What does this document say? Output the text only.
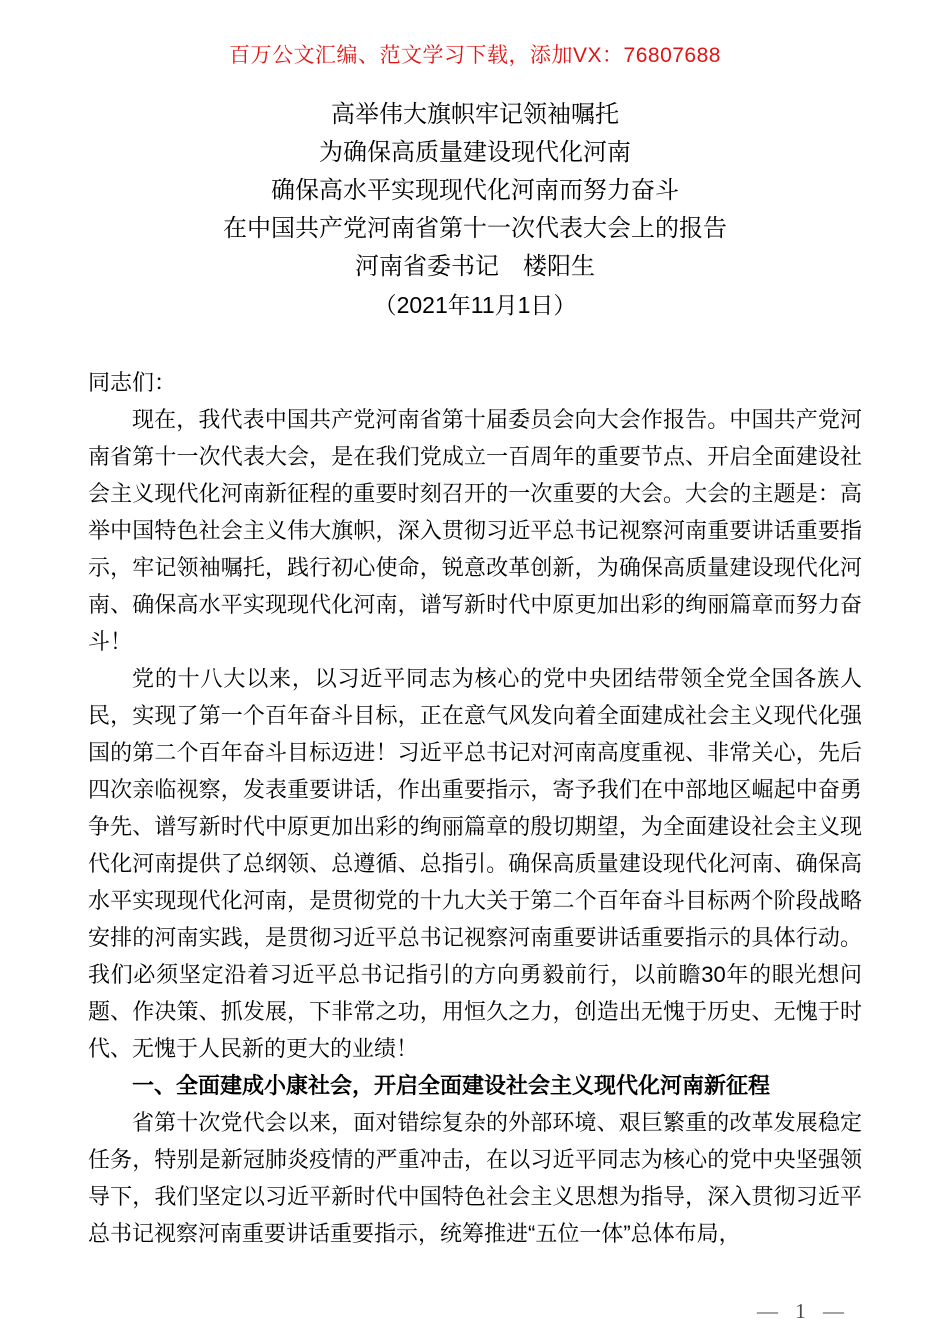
百万公文汇编、范文学习下载，添加VX：76807688
高举伟大旗帜牢记领袖嘱托
为确保高质量建设现代化河南
确保高水平实现现代化河南而努力奋斗
在中国共产党河南省第十一次代表大会上的报告
河南省委书记　楼阳生
（2021年11月1日）

同志们：

现在，我代表中国共产党河南省第十届委员会向大会作报告。中国共产党河南省第十一次代表大会，是在我们党成立一百周年的重要节点、开启全面建设社会主义现代化河南新征程的重要时刻召开的一次重要的大会。大会的主题是：高举中国特色社会主义伟大旗帜，深入贯彻习近平总书记视察河南重要讲话重要指示，牢记领袖嘱托，践行初心使命，锐意改革创新，为确保高质量建设现代化河南、确保高水平实现现代化河南，谱写新时代中原更加出彩的绚丽篇章而努力奋斗！

党的十八大以来，以习近平同志为核心的党中央团结带领全党全国各族人民，实现了第一个百年奋斗目标，正在意气风发向着全面建成社会主义现代化强国的第二个百年奋斗目标迈进！习近平总书记对河南高度重视、非常关心，先后四次亲临视察，发表重要讲话，作出重要指示，寄予我们在中部地区崛起中奋勇争先、谱写新时代中原更加出彩的绚丽篇章的殷切期望，为全面建设社会主义现代化河南提供了总纲领、总遵循、总指引。确保高质量建设现代化河南、确保高水平实现现代化河南，是贯彻党的十九大关于第二个百年奋斗目标两个阶段战略安排的河南实践，是贯彻习近平总书记视察河南重要讲话重要指示的具体行动。我们必须坚定沿着习近平总书记指引的方向勇毅前行，以前瞻30年的眼光想问题、作决策、抓发展，下非常之功，用恒久之力，创造出无愧于历史、无愧于时代、无愧于人民新的更大的业绩！

一、全面建成小康社会，开启全面建设社会主义现代化河南新征程

省第十次党代会以来，面对错综复杂的外部环境、艰巨繁重的改革发展稳定任务，特别是新冠肺炎疫情的严重冲击，在以习近平同志为核心的党中央坚强领导下，我们坚定以习近平新时代中国特色社会主义思想为指导，深入贯彻习近平总书记视察河南重要讲话重要指示，统筹推进“五位一体”总体布局，

— 1 —
